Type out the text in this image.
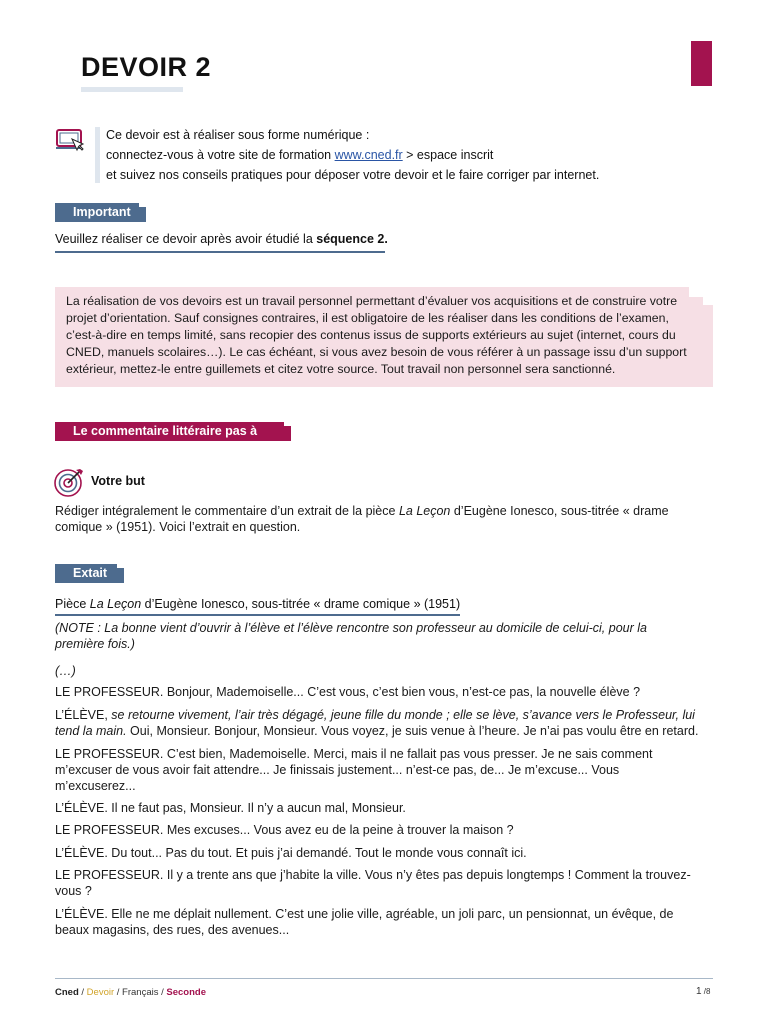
DEVOIR 2
Ce devoir est à réaliser sous forme numérique :
connectez-vous à votre site de formation www.cned.fr > espace inscrit
et suivez nos conseils pratiques pour déposer votre devoir et le faire corriger par internet.
Important
Veuillez réaliser ce devoir après avoir étudié la séquence 2.
La réalisation de vos devoirs est un travail personnel permettant d’évaluer vos acquisitions et de construire votre projet d’orientation. Sauf consignes contraires, il est obligatoire de les réaliser dans les conditions de l’examen, c’est-à-dire en temps limité, sans recopier des contenus issus de supports extérieurs au sujet (internet, cours du CNED, manuels scolaires…). Le cas échéant, si vous avez besoin de vous référer à un passage issu d’un support extérieur, mettez-le entre guillemets et citez votre source. Tout travail non personnel sera sanctionné.
Le commentaire littéraire pas à pas !
Votre but
Rédiger intégralement le commentaire d’un extrait de la pièce La Leçon d’Eugène Ionesco, sous-titrée « drame comique » (1951). Voici l’extrait en question.
Extait
Pièce La Leçon d’Eugène Ionesco, sous-titrée « drame comique » (1951)
(NOTE : La bonne vient d’ouvrir à l’élève et l’élève rencontre son professeur au domicile de celui-ci, pour la première fois.)
(…)
LE PROFESSEUR. Bonjour, Mademoiselle... C’est vous, c’est bien vous, n’est-ce pas, la nouvelle élève ?
L’ÉLÈVE, se retourne vivement, l’air très dégagé, jeune fille du monde ; elle se lève, s’avance vers le Professeur, lui tend la main. Oui, Monsieur. Bonjour, Monsieur. Vous voyez, je suis venue à l’heure. Je n’ai pas voulu être en retard.
LE PROFESSEUR. C’est bien, Mademoiselle. Merci, mais il ne fallait pas vous presser. Je ne sais comment m’excuser de vous avoir fait attendre... Je finissais justement... n’est-ce pas, de... Je m’excuse... Vous m’excuserez...
L’ÉLÈVE. Il ne faut pas, Monsieur. Il n’y a aucun mal, Monsieur.
LE PROFESSEUR. Mes excuses... Vous avez eu de la peine à trouver la maison ?
L’ÉLÈVE. Du tout... Pas du tout. Et puis j’ai demandé. Tout le monde vous connaît ici.
LE PROFESSEUR. Il y a trente ans que j’habite la ville. Vous n’y êtes pas depuis longtemps ! Comment la trouvez-vous ?
L’ÉLÈVE. Elle ne me déplait nullement. C’est une jolie ville, agréable, un joli parc, un pensionnat, un évêque, de beaux magasins, des rues, des avenues...
Cned / Devoir / Français / Seconde	1 /8
